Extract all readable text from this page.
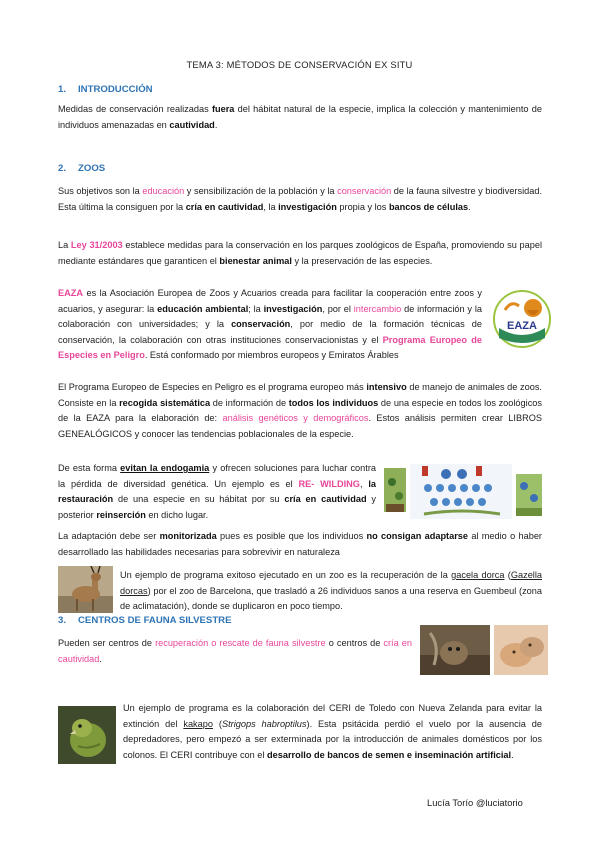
TEMA 3: MÉTODOS DE CONSERVACIÓN EX SITU
1. INTRODUCCIÓN
Medidas de conservación realizadas fuera del hábitat natural de la especie, implica la colección y mantenimiento de individuos amenazadas en cautividad.
2. ZOOS
Sus objetivos son la educación y sensibilización de la población y la conservación de la fauna silvestre y biodiversidad. Esta última la consiguen por la cría en cautividad, la investigación propia y los bancos de células.
La Ley 31/2003 establece medidas para la conservación en los parques zoológicos de España, promoviendo su papel mediante estándares que garanticen el bienestar animal y la preservación de las especies.
EAZA es la Asociación Europea de Zoos y Acuarios creada para facilitar la cooperación entre zoos y acuarios, y asegurar: la educación ambiental; la investigación, por el intercambio de información y la colaboración con universidades; y la conservación, por medio de la formación técnicas de conservación, la colaboración con otras instituciones conservacionistas y el Programa Europeo de Especies en Peligro. Está conformado por miembros europeos y Emiratos Árables
EAZA
El Programa Europeo de Especies en Peligro es el programa europeo más intensivo de manejo de animales de zoos. Consiste en la recogida sistemática de información de todos los individuos de una especie en todos los zoológicos de la EAZA para la elaboración de: análisis genéticos y demográficos. Estos análisis permiten crear LIBROS GENEALÓGICOS y conocer las tendencias poblacionales de la especie.
De esta forma evitan la endogamia y ofrecen soluciones para luchar contra la pérdida de diversidad genética. Un ejemplo es el RE- WILDING, la restauración de una especie en su hábitat por su cría en cautividad y posterior reinserción en dicho lugar.
La adaptación debe ser monitorizada pues es posible que los individuos no consigan adaptarse al medio o haber desarrollado las habilidades necesarias para sobrevivir en naturaleza
Un ejemplo de programa exitoso ejecutado en un zoo es la recuperación de la gacela dorca (Gazella dorcas) por el zoo de Barcelona, que trasladó a 26 individuos sanos a una reserva en Guembeul (zona de aclimatación), donde se duplicaron en poco tiempo.
3. CENTROS DE FAUNA SILVESTRE
Pueden ser centros de recuperación o rescate de fauna silvestre o centros de cría en cautividad.
Un ejemplo de programa es la colaboración del CERI de Toledo con Nueva Zelanda para evitar la extinción del kakapo (Strigops habroptilus). Esta psitácida perdió el vuelo por la ausencia de depredadores, pero empezó a ser exterminada por la introducción de animales domésticos por los colonos. El CERI contribuye con el desarrollo de bancos de semen e inseminación artificial.
Lucía Torío @luciatorio
